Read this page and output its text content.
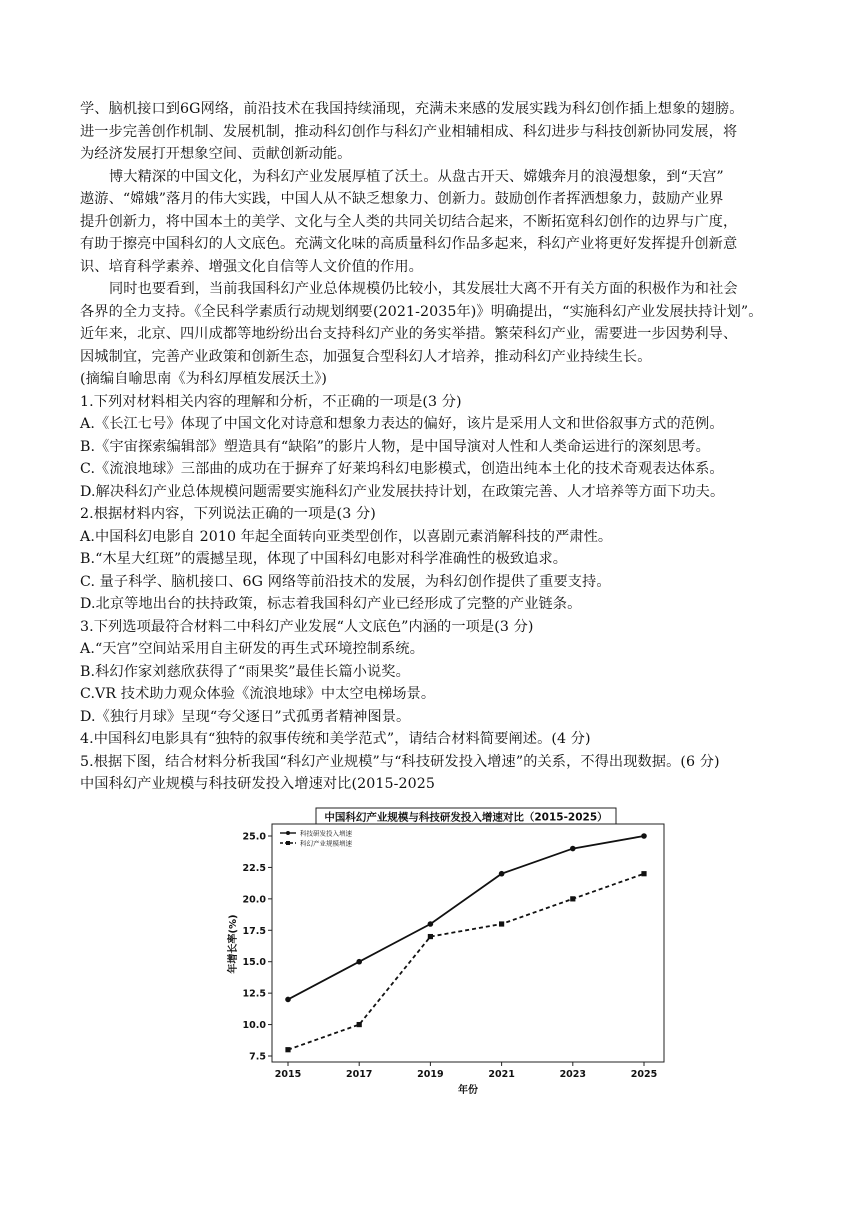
学、脑机接口到6G网络，前沿技术在我国持续涌现，充满未来感的发展实践为科幻创作插上想象的翅膀。
进一步完善创作机制、发展机制，推动科幻创作与科幻产业相辅相成、科幻进步与科技创新协同发展，将
为经济发展打开想象空间、贡献创新动能。
博大精深的中国文化，为科幻产业发展厚植了沃土。从盘古开天、嫦娥奔月的浪漫想象，到“天宫”
遨游、“嫦娥”落月的伟大实践，中国人从不缺乏想象力、创新力。鼓励创作者挥洒想象力，鼓励产业界
提升创新力，将中国本土的美学、文化与全人类的共同关切结合起来，不断拓宽科幻创作的边界与广度，
有助于擦亮中国科幻的人文底色。充满文化味的高质量科幻作品多起来，科幻产业将更好发挥提升创新意
识、培育科学素养、增强文化自信等人文价值的作用。
同时也要看到，当前我国科幻产业总体规模仍比较小，其发展壮大离不开有关方面的积极作为和社会
各界的全力支持。《全民科学素质行动规划纲要(2021-2035年)》明确提出，“实施科幻产业发展扶持计划”。
近年来，北京、四川成都等地纷纷出台支持科幻产业的务实举措。繁荣科幻产业，需要进一步因势利导、
因城制宜，完善产业政策和创新生态，加强复合型科幻人才培养，推动科幻产业持续生长。
(摘编自喻思南《为科幻厚植发展沃土》)
1.下列对材料相关内容的理解和分析，不正确的一项是(3 分)
A.《长江七号》体现了中国文化对诗意和想象力表达的偏好，该片是采用人文和世俗叙事方式的范例。
B.《宇宙探索编辑部》塑造具有“缺陷”的影片人物，是中国导演对人性和人类命运进行的深刻思考。
C.《流浪地球》三部曲的成功在于摒弃了好莱坞科幻电影模式，创造出纯本土化的技术奇观表达体系。
D.解决科幻产业总体规模问题需要实施科幻产业发展扶持计划，在政策完善、人才培养等方面下功夫。
2.根据材料内容，下列说法正确的一项是(3 分)
A.中国科幻电影自 2010 年起全面转向亚类型创作，以喜剧元素消解科技的严肃性。
B.“木星大红斑”的震撼呈现，体现了中国科幻电影对科学准确性的极致追求。
C. 量子科学、脑机接口、6G 网络等前沿技术的发展，为科幻创作提供了重要支持。
D.北京等地出台的扶持政策，标志着我国科幻产业已经形成了完整的产业链条。
3.下列选项最符合材料二中科幻产业发展“人文底色”内涵的一项是(3 分)
A.“天宫”空间站采用自主研发的再生式环境控制系统。
B.科幻作家刘慈欣获得了“雨果奖”最佳长篇小说奖。
C.VR 技术助力观众体验《流浪地球》中太空电梯场景。
D.《独行月球》呈现“夸父逐日”式孤勇者精神图景。
4.中国科幻电影具有“独特的叙事传统和美学范式”，请结合材料简要阐述。(4 分)
5.根据下图，结合材料分析我国“科幻产业规模”与“科技研发投入增速”的关系，不得出现数据。(6 分)
中国科幻产业规模与科技研发投入增速对比(2015-2025
中国科幻产业规模与科技研发投入增速对比（2015-2025）
7.5
10.0
12.5
15.0
17.5
20.0
22.5
25.0
2015	2017	2019	2021	2023	2025
科技研发投入增速
科幻产业规模增速
年增长率(%)
年份
